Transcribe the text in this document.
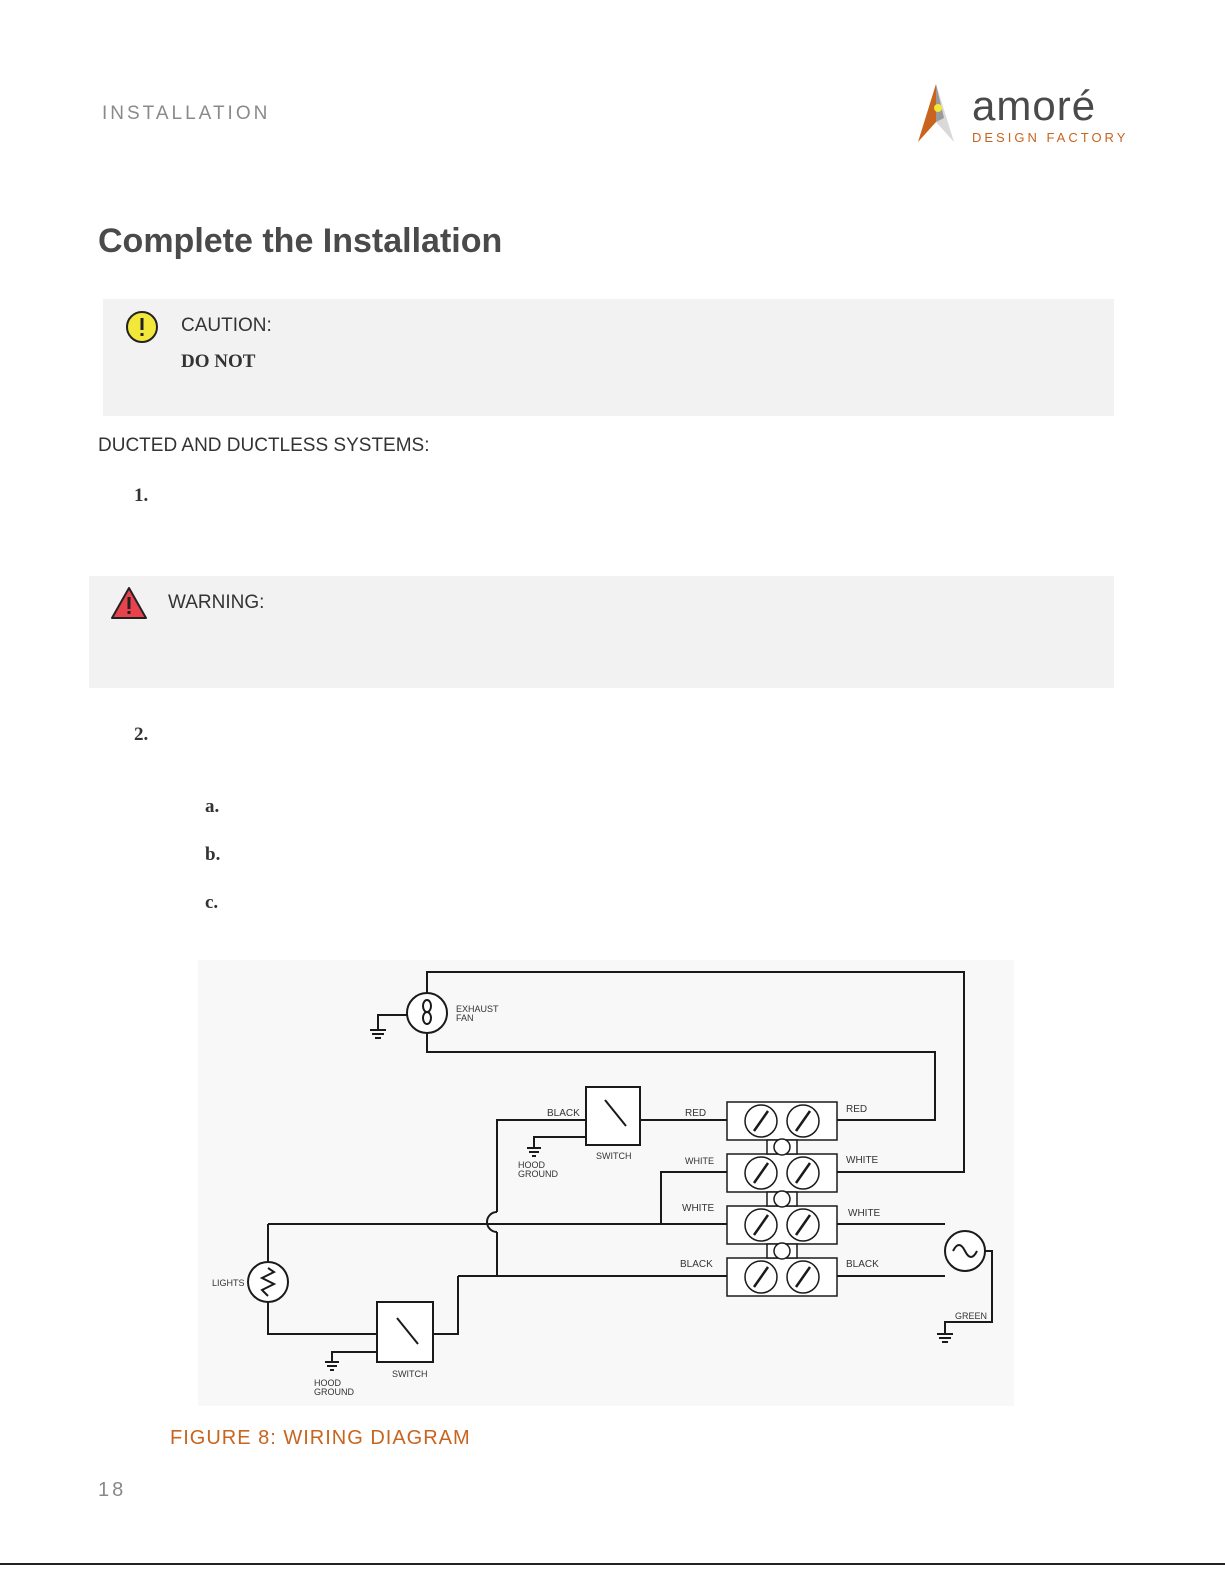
INSTALLATION	amoré
DESIGN FACTORY
Complete the Installation
CAUTION:
DO NOT
DUCTED AND DUCTLESS SYSTEMS:
1.
WARNING:
2.
a.
b.
c.
EXHAUST
FAN
BLACK
SWITCH
HOOD
GROUND
RED	RED
WHITE	WHITE
WHITE	WHITE
BLACK	BLACK
LIGHTS
SWITCH
HOOD
GROUND
GREEN
FIGURE 8: WIRING DIAGRAM
18
